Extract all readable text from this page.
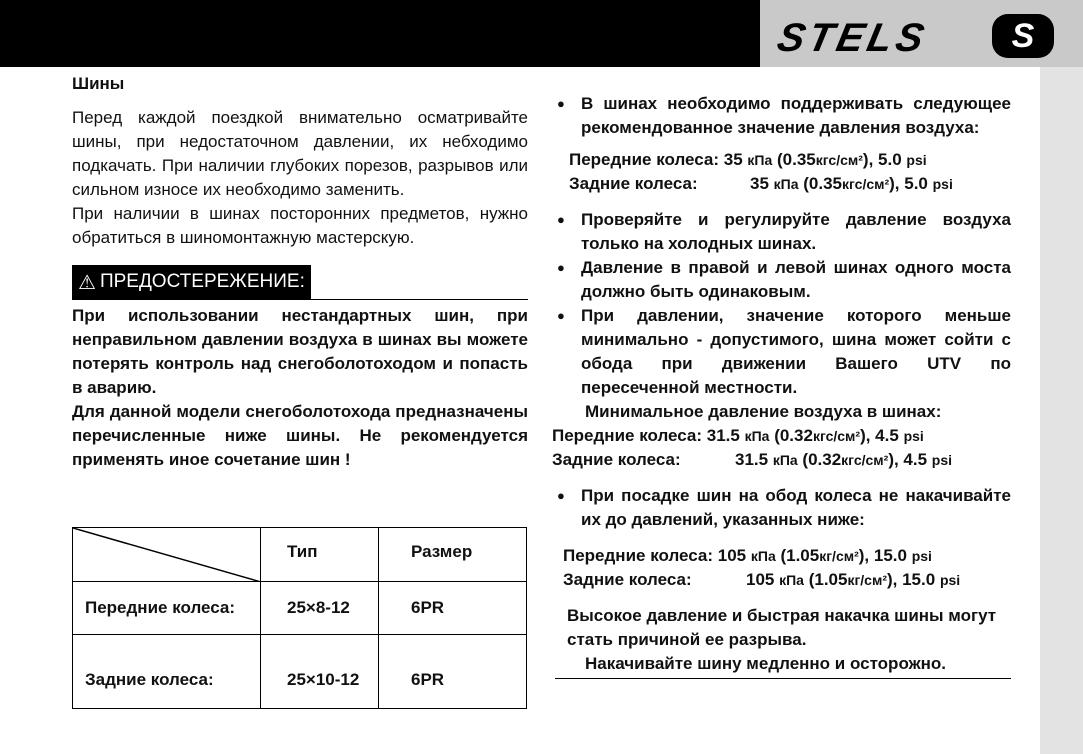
STELS	S
Шины

Перед каждой поездкой внимательно осматривайте шины, при недостаточном давлении, их небходимо подкачать. При наличии глубоких порезов, разрывов или сильном износе их необходимо заменить.

При наличии в шинах посторонних предметов, нужно обратиться в шиномонтажную мастерскую.

⚠ ПРЕДОСТЕРЕЖЕНИЕ :

При использовании нестандартных шин, при неправильном давлении воздуха в шинах вы можете потерять контроль над снегоболотоходом и попасть в аварию.

Для данной модели снегоболотохода предназначены перечисленные ниже шины. Не рекомендуется применять иное сочетание шин !

	Тип	Размер
Передние колеса:	25×8-12	6PR
Задние колеса:	25×10-12	6PR

● В шинах необходимо поддерживать следующее рекомендованное значение давления воздуха:

Передние колеса: 35 кПа (0.35кгс/см²), 5.0 psi
Задние колеса:	35 кПа (0.35кгс/см²), 5.0 psi

● Проверяйте и регулируйте давление воздуха только на холодных шинах.

● Давление в правой и левой шинах одного моста должно быть одинаковым.

● При давлении, значение которого меньше минимально - допустимого, шина может сойти с обода при движении Вашего UTV по пересеченной местности.

Минимальное давление воздуха в шинах:
Передние колеса: 31.5 кПа (0.32кгс/см²), 4.5 psi
Задние колеса:	31.5 кПа (0.32кгс/см²), 4.5 psi

● При посадке шин на обод колеса не накачивайте их до давлений, указанных ниже:

Передние колеса: 105 кПа (1.05кг/см²), 15.0 psi
Задние колеса:	105 кПа (1.05кг/см²), 15.0 psi

Высокое давление и быстрая накачка шины могут стать причиной ее разрыва.

Накачивайте шину медленно и осторожно.
